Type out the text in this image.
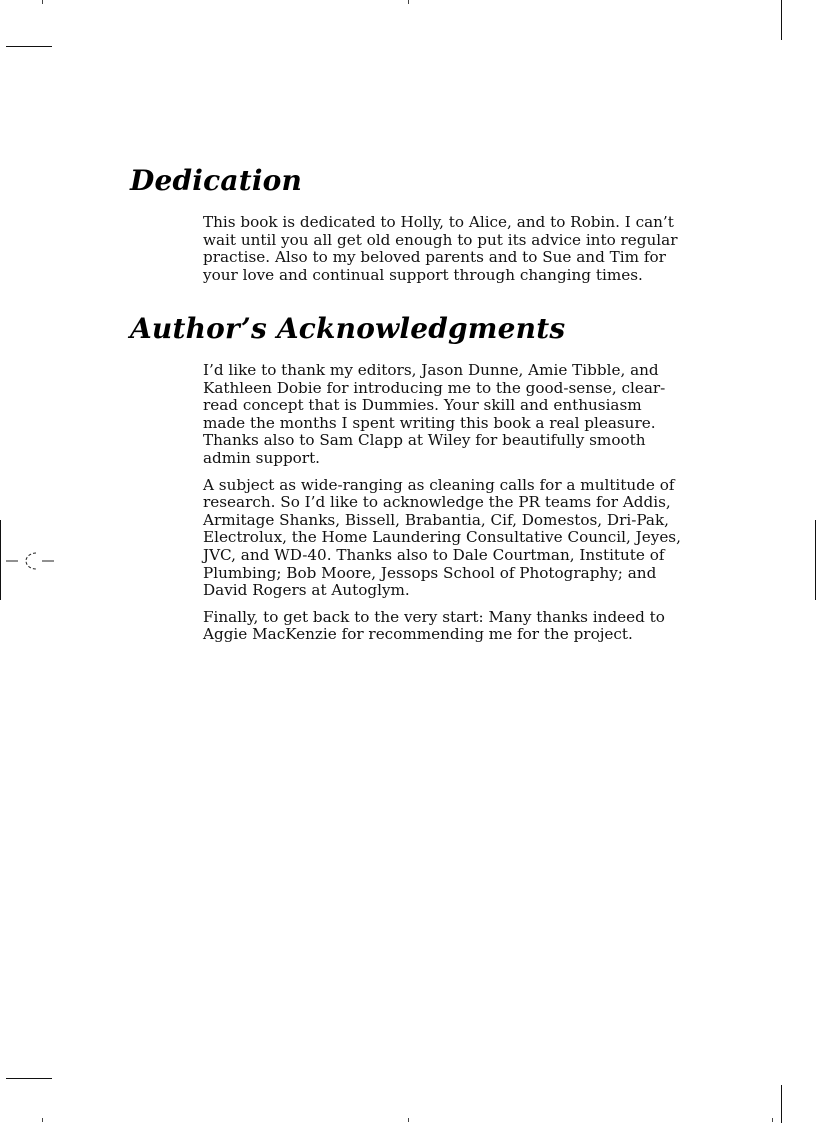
Dedication

This book is dedicated to Holly, to Alice, and to Robin. I can’t
wait until you all get old enough to put its advice into regular
practise. Also to my beloved parents and to Sue and Tim for
your love and continual support through changing times.

Author’s Acknowledgments

I’d like to thank my editors, Jason Dunne, Amie Tibble, and
Kathleen Dobie for introducing me to the good-sense, clear-
read concept that is Dummies. Your skill and enthusiasm
made the months I spent writing this book a real pleasure.
Thanks also to Sam Clapp at Wiley for beautifully smooth
admin support.

A subject as wide-ranging as cleaning calls for a multitude of
research. So I’d like to acknowledge the PR teams for Addis,
Armitage Shanks, Bissell, Brabantia, Cif, Domestos, Dri-Pak,
Electrolux, the Home Laundering Consultative Council, Jeyes,
JVC, and WD-40. Thanks also to Dale Courtman, Institute of
Plumbing; Bob Moore, Jessops School of Photography; and
David Rogers at Autoglym.

Finally, to get back to the very start: Many thanks indeed to
Aggie MacKenzie for recommending me for the project.
